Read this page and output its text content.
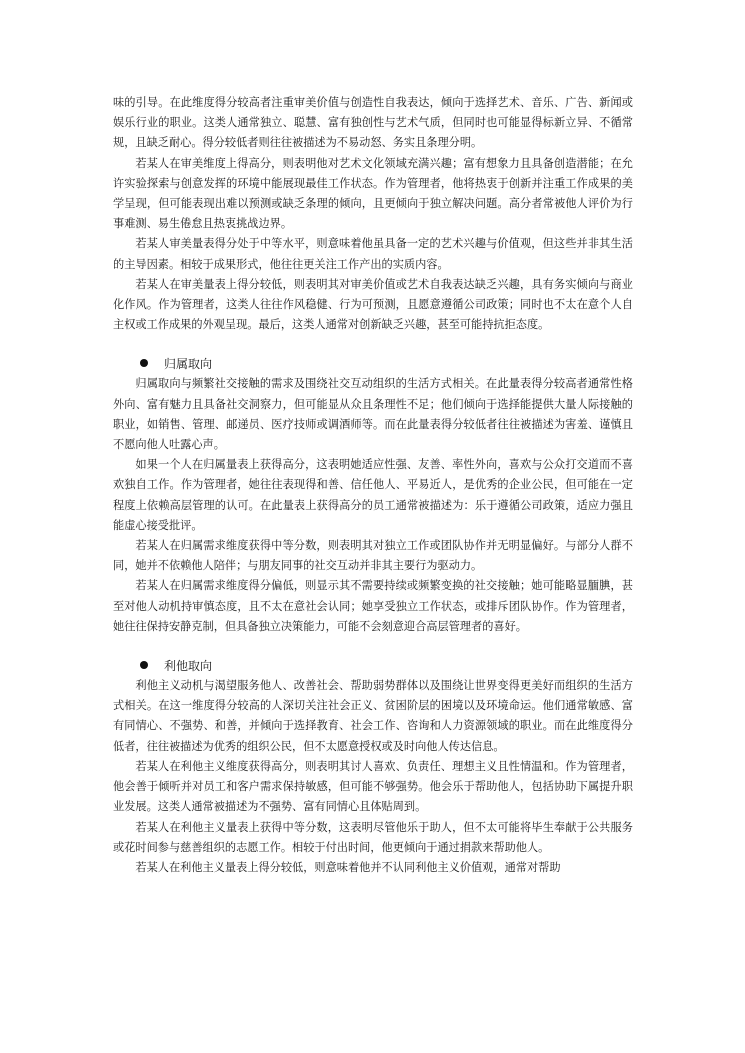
味的引导。在此维度得分较高者注重审美价值与创造性自我表达，倾向于选择艺术、音乐、广告、新闻或娱乐行业的职业。这类人通常独立、聪慧、富有独创性与艺术气质，但同时也可能显得标新立异、不循常规，且缺乏耐心。得分较低者则往往被描述为不易动怒、务实且条理分明。

若某人在审美维度上得高分，则表明他对艺术文化领域充满兴趣；富有想象力且具备创造潜能；在允许实验探索与创意发挥的环境中能展现最佳工作状态。作为管理者，他将热衷于创新并注重工作成果的美学呈现，但可能表现出难以预测或缺乏条理的倾向，且更倾向于独立解决问题。高分者常被他人评价为行事难测、易生倦怠且热衷挑战边界。

若某人审美量表得分处于中等水平，则意味着他虽具备一定的艺术兴趣与价值观，但这些并非其生活的主导因素。相较于成果形式，他往往更关注工作产出的实质内容。

若某人在审美量表上得分较低，则表明其对审美价值或艺术自我表达缺乏兴趣，具有务实倾向与商业化作风。作为管理者，这类人往往作风稳健、行为可预测，且愿意遵循公司政策；同时也不太在意个人自主权或工作成果的外观呈现。最后，这类人通常对创新缺乏兴趣，甚至可能持抗拒态度。

归属取向

归属取向与频繁社交接触的需求及围绕社交互动组织的生活方式相关。在此量表得分较高者通常性格外向、富有魅力且具备社交洞察力，但可能显从众且条理性不足；他们倾向于选择能提供大量人际接触的职业，如销售、管理、邮递员、医疗技师或调酒师等。而在此量表得分较低者往往被描述为害羞、谨慎且不愿向他人吐露心声。

如果一个人在归属量表上获得高分，这表明她适应性强、友善、率性外向，喜欢与公众打交道而不喜欢独自工作。作为管理者，她往往表现得和善、信任他人、平易近人，是优秀的企业公民，但可能在一定程度上依赖高层管理的认可。在此量表上获得高分的员工通常被描述为：乐于遵循公司政策，适应力强且能虚心接受批评。

若某人在归属需求维度获得中等分数，则表明其对独立工作或团队协作并无明显偏好。与部分人群不同，她并不依赖他人陪伴；与朋友同事的社交互动并非其主要行为驱动力。

若某人在归属需求维度得分偏低，则显示其不需要持续或频繁变换的社交接触；她可能略显腼腆，甚至对他人动机持审慎态度，且不太在意社会认同；她享受独立工作状态，或排斥团队协作。作为管理者，她往往保持安静克制，但具备独立决策能力，可能不会刻意迎合高层管理者的喜好。

利他取向

利他主义动机与渴望服务他人、改善社会、帮助弱势群体以及围绕让世界变得更美好而组织的生活方式相关。在这一维度得分较高的人深切关注社会正义、贫困阶层的困境以及环境命运。他们通常敏感、富有同情心、不强势、和善，并倾向于选择教育、社会工作、咨询和人力资源领域的职业。而在此维度得分低者，往往被描述为优秀的组织公民，但不太愿意授权或及时向他人传达信息。

若某人在利他主义维度获得高分，则表明其讨人喜欢、负责任、理想主义且性情温和。作为管理者，他会善于倾听并对员工和客户需求保持敏感，但可能不够强势。他会乐于帮助他人，包括协助下属提升职业发展。这类人通常被描述为不强势、富有同情心且体贴周到。

若某人在利他主义量表上获得中等分数，这表明尽管他乐于助人，但不太可能将毕生奉献于公共服务或花时间参与慈善组织的志愿工作。相较于付出时间，他更倾向于通过捐款来帮助他人。

若某人在利他主义量表上得分较低，则意味着他并不认同利他主义价值观，通常对帮助
